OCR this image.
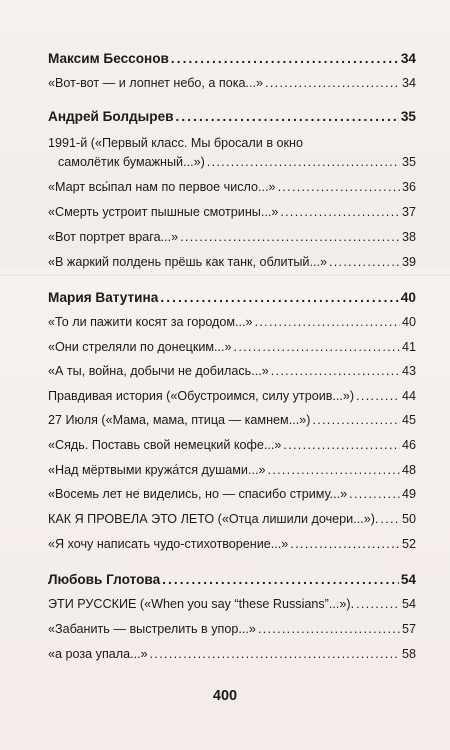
Максим Бессонов .....	34
«Вот-вот — и лопнет небо, а пока...» .....	34
Андрей Болдырев .....	35
1991-й («Первый класс. Мы бросали в окно
самолётик бумажный...») .....	35
«Март вcы́пал нам по первое число...» .....	36
«Смерть устроит пышные смотрины...» .....	37
«Вот портрет врага...» .....	38
«В жаркий полдень прёшь как танк, облитый...» .....	39
Мария Ватутина .....	40
«То ли пажити косят за городом...» .....	40
«Они стреляли по донецким...» .....	41
«А ты, война, добычи не добилась...» .....	43
Правдивая история («Обустроимся, силу утроив...») .....	44
27 Июля («Мама, мама, птица — камнем...») .....	45
«Сядь. Поставь свой немецкий кофе...» .....	46
«Над мёртвыми кружа́тся душами...» .....	48
«Восемь лет не виделись, но — спасибо стриму...» .....	49
КАК Я ПРОВЕЛА ЭТО ЛЕТО («Отца лишили дочери...»). ..... 50
«Я хочу написать чудо-стихотворение...» .....	52
Любовь Глотова .....	54
ЭТИ РУССКИЕ («When you say “these Russians”...»). .....	54
«Забанить — выстрелить в упор...» .....	57
«а роза упала...» .....	58
400
